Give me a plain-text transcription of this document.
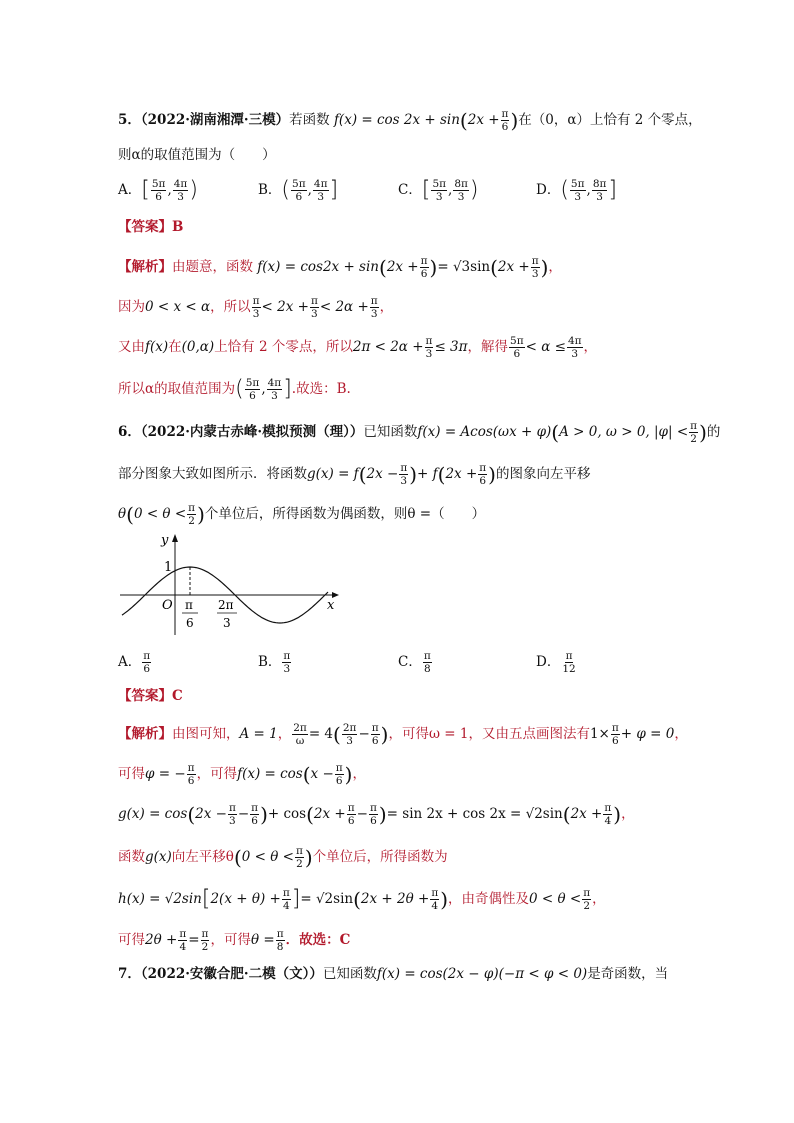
5．（2022·湖南湘潭·三模）若函数 $f(x) = \cos 2x + \sin(2x + \frac{\pi}{6}$ )在（0，α）上恰有 2 个零点，
则α的取值范围为（　　）
A．[ $\frac{5\pi}{6}$ , $\frac{4\pi}{3}$ )	B．( $\frac{5\pi}{6}$ , $\frac{4\pi}{3}$ ]	C．[ $\frac{5\pi}{3}$ , $\frac{8\pi}{3}$ )	D．( $\frac{5\pi}{3}$ , $\frac{8\pi}{3}$ ]
【答案】B
【解析】由题意，函数 $f(x) = \cos 2x + \sin(2x + \frac{\pi}{6}$ )= $√3\sin(2x + \frac{\pi}{3}$ )，
因为0 < x < α，所以 $\frac{\pi}{3} < 2x + \frac{\pi}{3} < 2\alpha + \frac{\pi}{3}$ ，
又由f(x)在(0,α)上恰有 2 个零点，所以$2\pi < 2\alpha + \frac{\pi}{3} \le 3\pi$，解得 $\frac{5\pi}{6} < \alpha \le \frac{4\pi}{3}$ ，
所以α的取值范围为( $\frac{5\pi}{6}$ , $\frac{4\pi}{3}$ ].故选：B.
6．（2022·内蒙古赤峰·模拟预测（理））已知函数f(x) = Acos(ωx + φ)(A > 0, ω > 0, $|\varphi| < \frac{\pi}{2}$ )的
部分图象大致如图所示．将函数$g(x) = f(2x - \frac{\pi}{3}$ )+ $f(2x + \frac{\pi}{6}$ )的图象向左平移
$\theta(0 < \theta < \frac{\pi}{2}$ )个单位后，所得函数为偶函数，则θ =（　　）
y
x
O
1
π
6
2π
3
A． $\frac{\pi}{6}$	B． $\frac{\pi}{3}$	C． $\frac{\pi}{8}$	D． $\frac{\pi}{12}$
【答案】C
【解析】由图可知，A = 1， $\frac{2\pi}{\omega} = 4( \frac{2\pi}{3} - \frac{\pi}{6}$ )，可得ω = 1，又由五点画图法有$1\times \frac{\pi}{6} + \varphi = 0$，
可得φ = − $\frac{\pi}{6}$ ，可得$f(x) = \cos(x - \frac{\pi}{6}$ )，
$g(x) = \cos(2x - \frac{\pi}{3} - \frac{\pi}{6}$ )+ $\cos(2x + \frac{\pi}{6} - \frac{\pi}{6}$ )= $\sin 2x + \cos 2x = √2\sin(2x + \frac{\pi}{4}$ )，
函数g(x)向左平移$\theta(0 < \theta < \frac{\pi}{2}$ )个单位后，所得函数为
$h(x) = √2\sin[2(x + \theta) + \frac{\pi}{4}$ ]= $√2\sin(2x + 2\theta + \frac{\pi}{4}$ )，由奇偶性及$0 < \theta < \frac{\pi}{2}$ ，
可得$2\theta + \frac{\pi}{4} = \frac{\pi}{2}$ ，可得$\theta = \frac{\pi}{8}$ ．故选：C
7．（2022·安徽合肥·二模（文））已知函数f(x) = cos(2x − φ)(−π < φ < 0)是奇函数，当
